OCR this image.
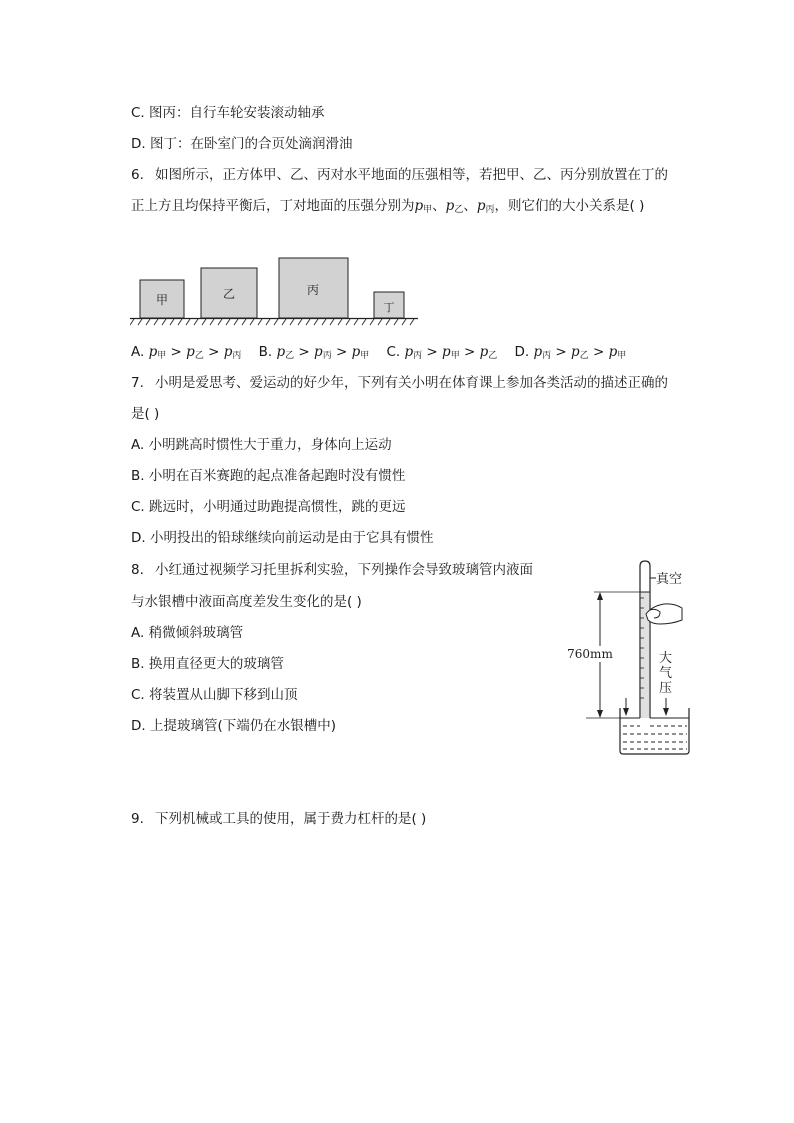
C. 图丙：自行车轮安装滚动轴承
D. 图丁：在卧室门的合页处滴润滑油
6. 如图所示，正方体甲、乙、丙对水平地面的压强相等，若把甲、乙、丙分别放置在丁的
正上方且均保持平衡后，丁对地面的压强分别为$p_甲$、$p_乙$、$p_丙$，则它们的大小关系是( )
甲	乙	丙
丁
A. $p_甲 > p_乙 > p_丙$ B. $p_乙 > p_丙 > p_甲$ C. $p_丙 > p_甲 > p_乙$ D. $p_丙 > p_乙 > p_甲$
7. 小明是爱思考、爱运动的好少年，下列有关小明在体育课上参加各类活动的描述正确的
是( )
A. 小明跳高时惯性大于重力，身体向上运动
B. 小明在百米赛跑的起点准备起跑时没有惯性
C. 跳远时，小明通过助跑提高惯性，跳的更远
D. 小明投出的铅球继续向前运动是由于它具有惯性
8. 小红通过视频学习托里拆利实验，下列操作会导致玻璃管内液面
与水银槽中液面高度差发生变化的是( )
A. 稍微倾斜玻璃管
B. 换用直径更大的玻璃管
C. 将装置从山脚下移到山顶
D. 上提玻璃管(下端仍在水银槽中)
真空
760mm	大
气
压
9. 下列机械或工具的使用，属于费力杠杆的是( )
